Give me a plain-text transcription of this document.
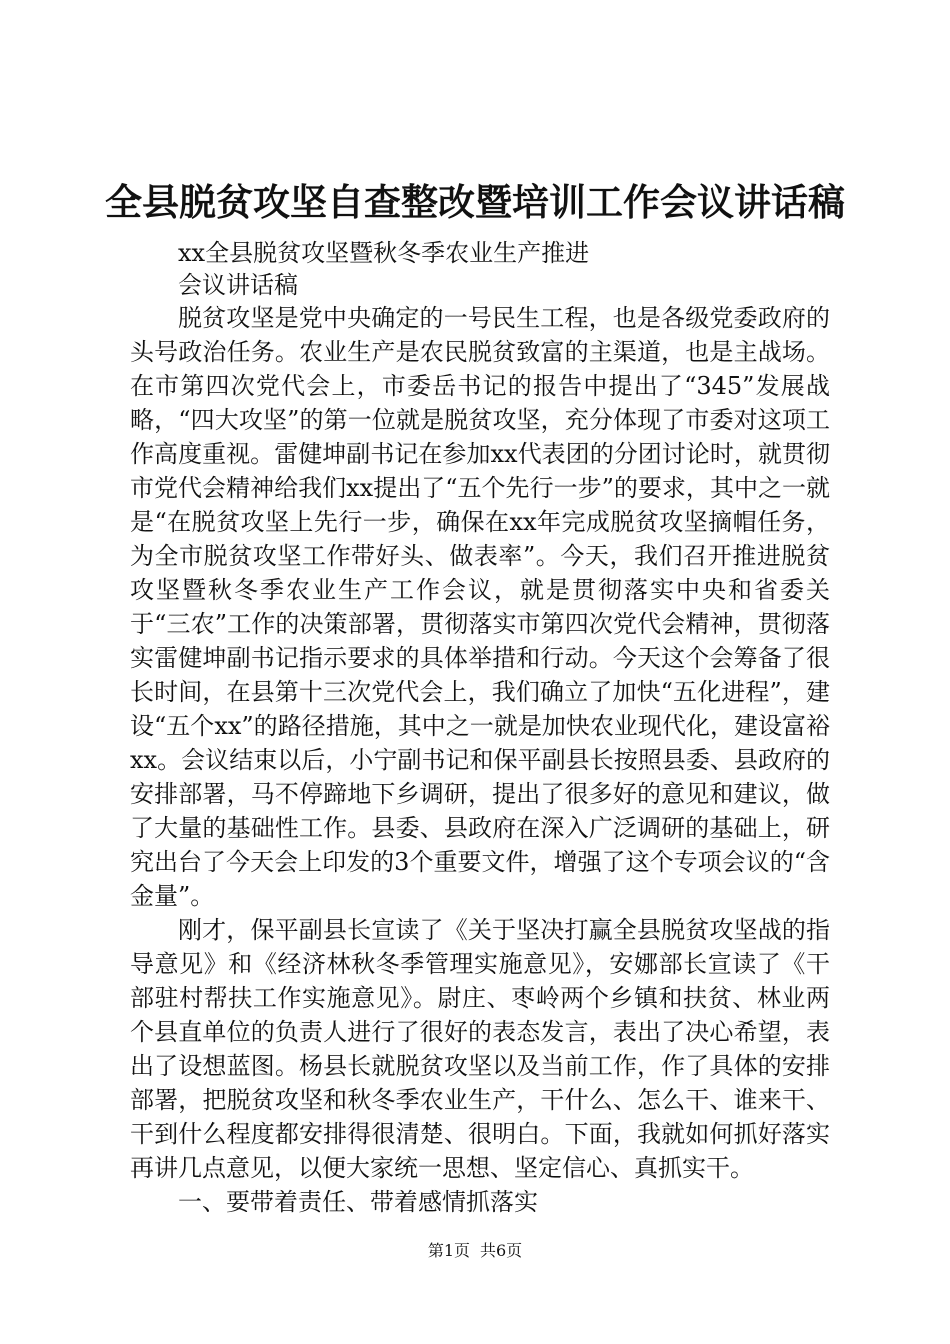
全县脱贫攻坚自查整改暨培训工作会议讲话稿

xx全县脱贫攻坚暨秋冬季农业生产推进

会议讲话稿

脱贫攻坚是党中央确定的一号民生工程，也是各级党委政府的头号政治任务。农业生产是农民脱贫致富的主渠道，也是主战场。在市第四次党代会上，市委岳书记的报告中提出了“345”发展战略，“四大攻坚”的第一位就是脱贫攻坚，充分体现了市委对这项工作高度重视。雷健坤副书记在参加xx代表团的分团讨论时，就贯彻市党代会精神给我们xx提出了“五个先行一步”的要求，其中之一就是“在脱贫攻坚上先行一步，确保在xx年完成脱贫攻坚摘帽任务，为全市脱贫攻坚工作带好头、做表率”。今天，我们召开推进脱贫攻坚暨秋冬季农业生产工作会议，就是贯彻落实中央和省委关于“三农”工作的决策部署，贯彻落实市第四次党代会精神，贯彻落实雷健坤副书记指示要求的具体举措和行动。今天这个会筹备了很长时间，在县第十三次党代会上，我们确立了加快“五化进程”，建设“五个xx”的路径措施，其中之一就是加快农业现代化，建设富裕xx。会议结束以后，小宁副书记和保平副县长按照县委、县政府的安排部署，马不停蹄地下乡调研，提出了很多好的意见和建议，做了大量的基础性工作。县委、县政府在深入广泛调研的基础上，研究出台了今天会上印发的3个重要文件，增强了这个专项会议的“含金量”。

刚才，保平副县长宣读了《关于坚决打赢全县脱贫攻坚战的指导意见》和《经济林秋冬季管理实施意见》，安娜部长宣读了《干部驻村帮扶工作实施意见》。尉庄、枣岭两个乡镇和扶贫、林业两个县直单位的负责人进行了很好的表态发言，表出了决心希望，表出了设想蓝图。杨县长就脱贫攻坚以及当前工作，作了具体的安排部署，把脱贫攻坚和秋冬季农业生产，干什么、怎么干、谁来干、干到什么程度都安排得很清楚、很明白。下面，我就如何抓好落实再讲几点意见，以便大家统一思想、坚定信心、真抓实干。

一、要带着责任、带着感情抓落实

第1页 共6页
